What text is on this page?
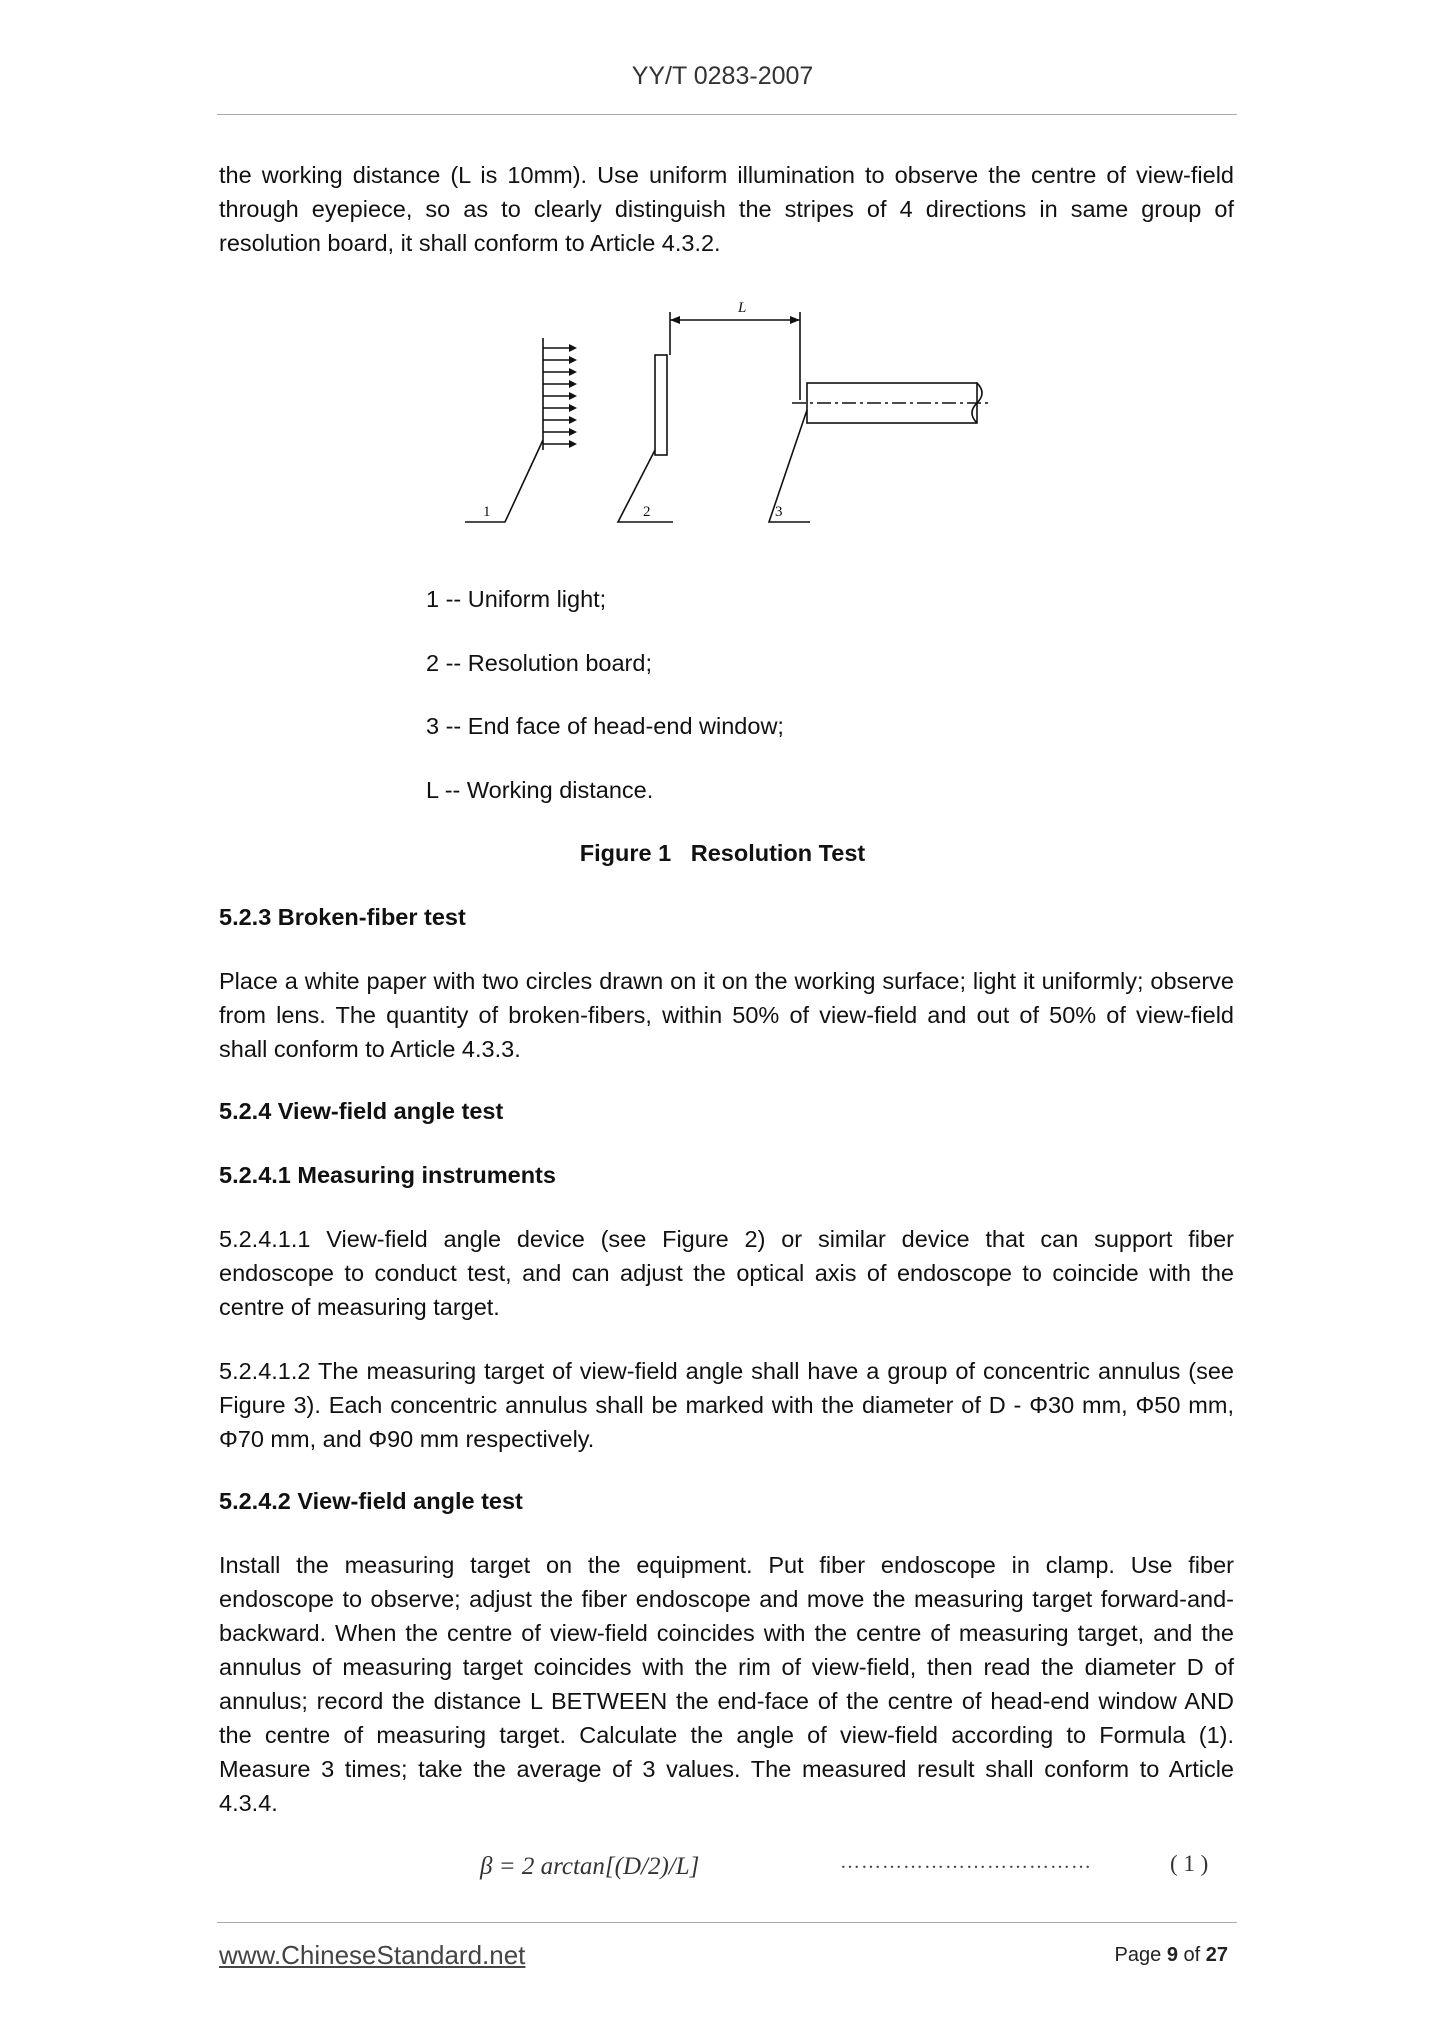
YY/T 0283-2007
the working distance (L is 10mm). Use uniform illumination to observe the centre of view-field through eyepiece, so as to clearly distinguish the stripes of 4 directions in same group of resolution board, it shall conform to Article 4.3.2.
L
1	2	3
1 -- Uniform light;
2 -- Resolution board;
3 -- End face of head-end window;
L -- Working distance.
Figure 1   Resolution Test
5.2.3 Broken-fiber test
Place a white paper with two circles drawn on it on the working surface; light it uniformly; observe from lens. The quantity of broken-fibers, within 50% of view-field and out of 50% of view-field shall conform to Article 4.3.3.
5.2.4 View-field angle test
5.2.4.1 Measuring instruments
5.2.4.1.1 View-field angle device (see Figure 2) or similar device that can support fiber endoscope to conduct test, and can adjust the optical axis of endoscope to coincide with the centre of measuring target.
5.2.4.1.2 The measuring target of view-field angle shall have a group of concentric annulus (see Figure 3). Each concentric annulus shall be marked with the diameter of D - Φ30 mm, Φ50 mm, Φ70 mm, and Φ90 mm respectively.
5.2.4.2 View-field angle test
Install the measuring target on the equipment. Put fiber endoscope in clamp. Use fiber endoscope to observe; adjust the fiber endoscope and move the measuring target forward-and-backward. When the centre of view-field coincides with the centre of measuring target, and the annulus of measuring target coincides with the rim of view-field, then read the diameter D of annulus; record the distance L BETWEEN the end-face of the centre of head-end window AND the centre of measuring target. Calculate the angle of view-field according to Formula (1). Measure 3 times; take the average of 3 values. The measured result shall conform to Article 4.3.4.
β = 2 arctan[(D/2)/L]	………………………………	( 1 )
www.ChineseStandard.net	Page 9 of 27
